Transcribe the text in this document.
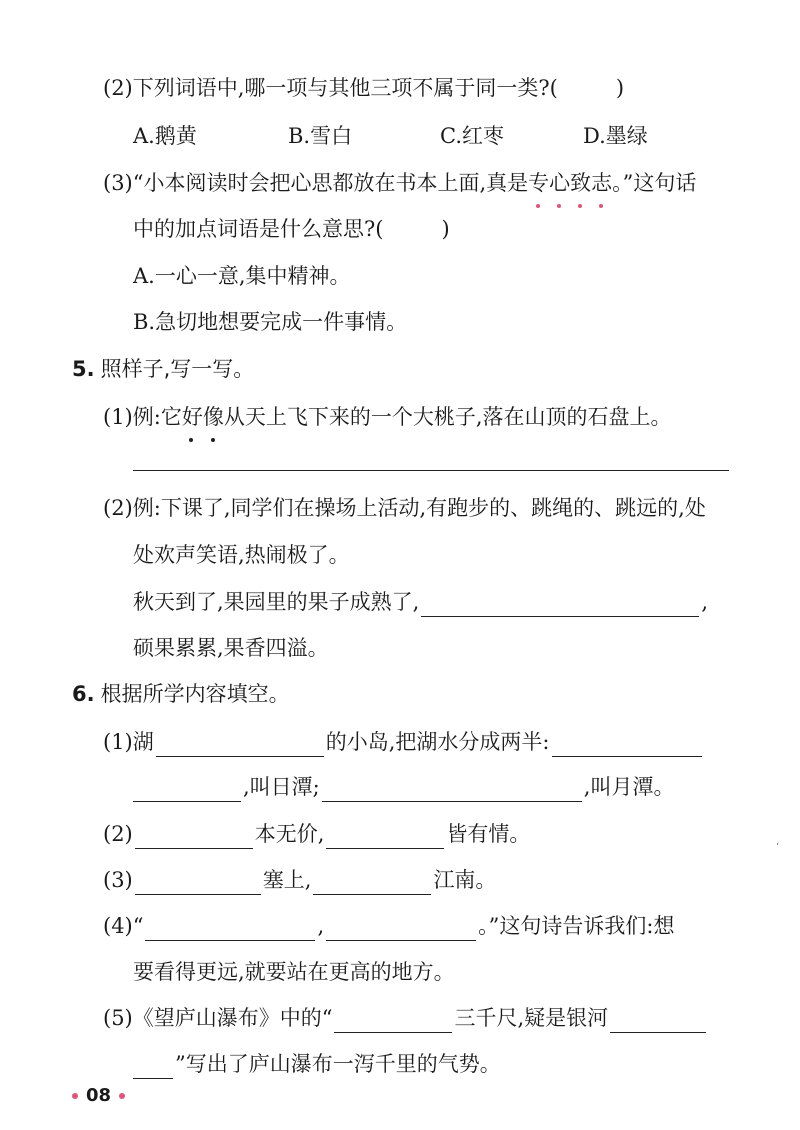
(2)下列词语中,哪一项与其他三项不属于同一类?(	)
A.鹅黄	B.雪白	C.红枣	D.墨绿
(3)“小本阅读时会把心思都放在书本上面,真是 专心致志 。”这句话
中的加点词语是什么意思?(	)
A.一心一意,集中精神。
B.急切地想要完成一件事情。
5. 照样子,写一写。
(1)例:它好 像 从天上飞下来的一个大桃子,落在山顶的石盘上。
(2)例:下课了,同学们在操场上活动,有跑步的、跳绳的、跳远的,处
处欢声笑语,热闹极了。
秋天到了,果园里的果子成熟了,	,
硕果累累,果香四溢。
6. 根据所学内容填空。
(1)湖	的小岛,把湖水分成两半:
,叫日潭;	,叫月潭。
(2)	本无价,	皆有情。
(3)	塞上,	江南。
(4)“	,	。”这句诗告诉我们:想
要看得更远,就要站在更高的地方。
(5)《望庐山瀑布》中的“	三千尺,疑是银河
”写出了庐山瀑布一泻千里的气势。
08
‘
